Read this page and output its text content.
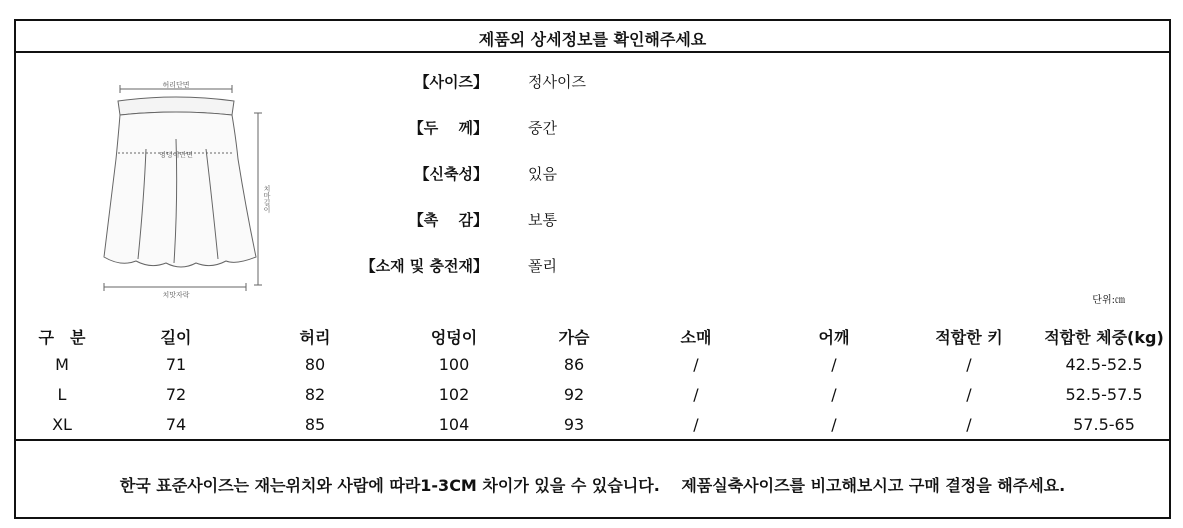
제품외 상세정보를 확인해주세요
허리단면
엉덩이단면
치맛자락
치마길이
【사이즈】	정사이즈
【두　 께】	중간
【신축성】	있음
【촉　 감】	보통
【소재 및 충전재】	폴리
단위:㎝
구　분	길이	허리	엉덩이	가슴	소매	어깨	적합한 키	적합한 체중(kg)
M	71	80	100	86	/	/	/	42.5-52.5
L	72	82	102	92	/	/	/	52.5-57.5
XL	74	85	104	93	/	/	/	57.5-65
한국 표준사이즈는 재는위치와 사람에 따라1-3CM 차이가 있을 수 있습니다.　 제품실축사이즈를 비고해보시고 구매 결정을 해주세요.
